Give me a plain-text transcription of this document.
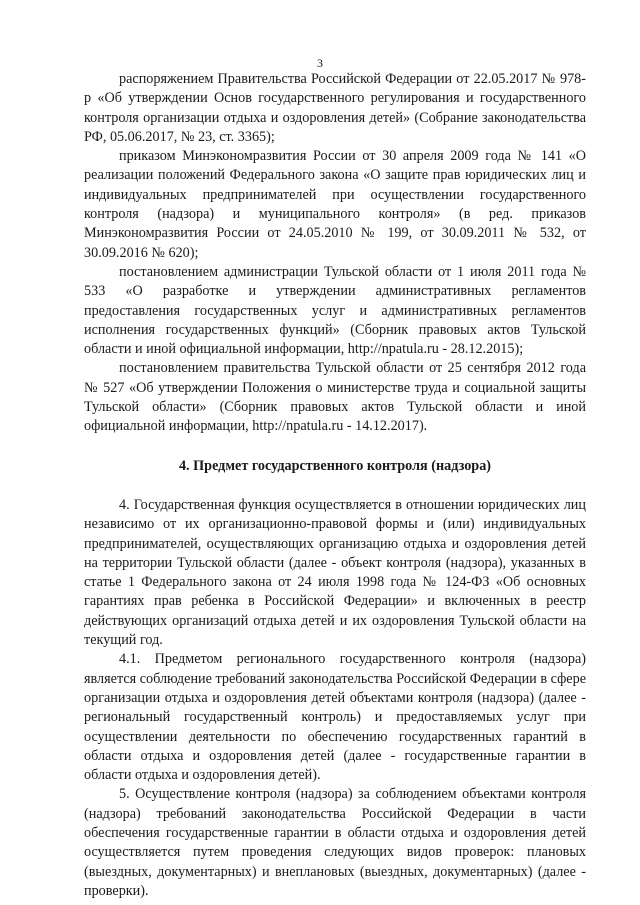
3

распоряжением Правительства Российской Федерации от 22.05.2017 № 978-р «Об утверждении Основ государственного регулирования и государственного контроля организации отдыха и оздоровления детей» (Собрание законодательства РФ, 05.06.2017, № 23, ст. 3365);

приказом Минэкономразвития России от 30 апреля 2009 года № 141 «О реализации положений Федерального закона «О защите прав юридических лиц и индивидуальных предпринимателей при осуществлении государственного контроля (надзора) и муниципального контроля» (в ред. приказов Минэкономразвития России от 24.05.2010 № 199, от 30.09.2011 № 532, от 30.09.2016 № 620);

постановлением администрации Тульской области от 1 июля 2011 года № 533 «О разработке и утверждении административных регламентов предоставления государственных услуг и административных регламентов исполнения государственных функций» (Сборник правовых актов Тульской области и иной официальной информации, http://npatula.ru - 28.12.2015);

постановлением правительства Тульской области от 25 сентября 2012 года № 527 «Об утверждении Положения о министерстве труда и социальной защиты Тульской области» (Сборник правовых актов Тульской области и иной официальной информации, http://npatula.ru - 14.12.2017).

4. Предмет государственного контроля (надзора)

4. Государственная функция осуществляется в отношении юридических лиц независимо от их организационно-правовой формы и (или) индивидуальных предпринимателей, осуществляющих организацию отдыха и оздоровления детей на территории Тульской области (далее - объект контроля (надзора), указанных в статье 1 Федерального закона от 24 июля 1998 года № 124-ФЗ «Об основных гарантиях прав ребенка в Российской Федерации» и включенных в реестр действующих организаций отдыха детей и их оздоровления Тульской области на текущий год.

4.1. Предметом регионального государственного контроля (надзора) является соблюдение требований законодательства Российской Федерации в сфере организации отдыха и оздоровления детей объектами контроля (надзора) (далее - региональный государственный контроль) и предоставляемых услуг при осуществлении деятельности по обеспечению государственных гарантий в области отдыха и оздоровления детей (далее - государственные гарантии в области отдыха и оздоровления детей).

5. Осуществление контроля (надзора) за соблюдением объектами контроля (надзора) требований законодательства Российской Федерации в части обеспечения государственные гарантии в области отдыха и оздоровления детей осуществляется путем проведения следующих видов проверок: плановых (выездных, документарных) и внеплановых (выездных, документарных) (далее - проверки).
